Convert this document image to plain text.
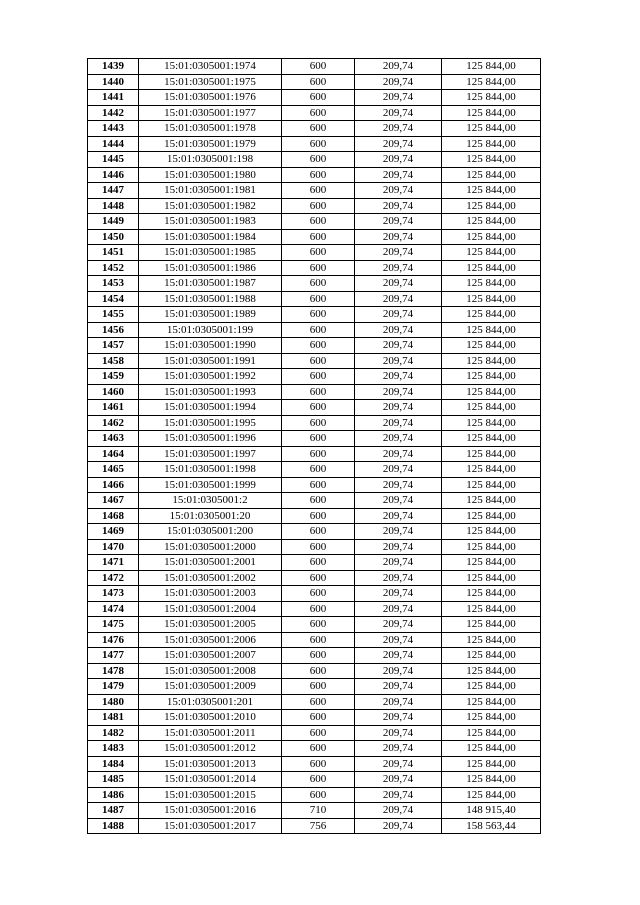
1439	15:01:0305001:1974	600	209,74	125 844,00
1440	15:01:0305001:1975	600	209,74	125 844,00
1441	15:01:0305001:1976	600	209,74	125 844,00
1442	15:01:0305001:1977	600	209,74	125 844,00
1443	15:01:0305001:1978	600	209,74	125 844,00
1444	15:01:0305001:1979	600	209,74	125 844,00
1445	15:01:0305001:198	600	209,74	125 844,00
1446	15:01:0305001:1980	600	209,74	125 844,00
1447	15:01:0305001:1981	600	209,74	125 844,00
1448	15:01:0305001:1982	600	209,74	125 844,00
1449	15:01:0305001:1983	600	209,74	125 844,00
1450	15:01:0305001:1984	600	209,74	125 844,00
1451	15:01:0305001:1985	600	209,74	125 844,00
1452	15:01:0305001:1986	600	209,74	125 844,00
1453	15:01:0305001:1987	600	209,74	125 844,00
1454	15:01:0305001:1988	600	209,74	125 844,00
1455	15:01:0305001:1989	600	209,74	125 844,00
1456	15:01:0305001:199	600	209,74	125 844,00
1457	15:01:0305001:1990	600	209,74	125 844,00
1458	15:01:0305001:1991	600	209,74	125 844,00
1459	15:01:0305001:1992	600	209,74	125 844,00
1460	15:01:0305001:1993	600	209,74	125 844,00
1461	15:01:0305001:1994	600	209,74	125 844,00
1462	15:01:0305001:1995	600	209,74	125 844,00
1463	15:01:0305001:1996	600	209,74	125 844,00
1464	15:01:0305001:1997	600	209,74	125 844,00
1465	15:01:0305001:1998	600	209,74	125 844,00
1466	15:01:0305001:1999	600	209,74	125 844,00
1467	15:01:0305001:2	600	209,74	125 844,00
1468	15:01:0305001:20	600	209,74	125 844,00
1469	15:01:0305001:200	600	209,74	125 844,00
1470	15:01:0305001:2000	600	209,74	125 844,00
1471	15:01:0305001:2001	600	209,74	125 844,00
1472	15:01:0305001:2002	600	209,74	125 844,00
1473	15:01:0305001:2003	600	209,74	125 844,00
1474	15:01:0305001:2004	600	209,74	125 844,00
1475	15:01:0305001:2005	600	209,74	125 844,00
1476	15:01:0305001:2006	600	209,74	125 844,00
1477	15:01:0305001:2007	600	209,74	125 844,00
1478	15:01:0305001:2008	600	209,74	125 844,00
1479	15:01:0305001:2009	600	209,74	125 844,00
1480	15:01:0305001:201	600	209,74	125 844,00
1481	15:01:0305001:2010	600	209,74	125 844,00
1482	15:01:0305001:2011	600	209,74	125 844,00
1483	15:01:0305001:2012	600	209,74	125 844,00
1484	15:01:0305001:2013	600	209,74	125 844,00
1485	15:01:0305001:2014	600	209,74	125 844,00
1486	15:01:0305001:2015	600	209,74	125 844,00
1487	15:01:0305001:2016	710	209,74	148 915,40
1488	15:01:0305001:2017	756	209,74	158 563,44
